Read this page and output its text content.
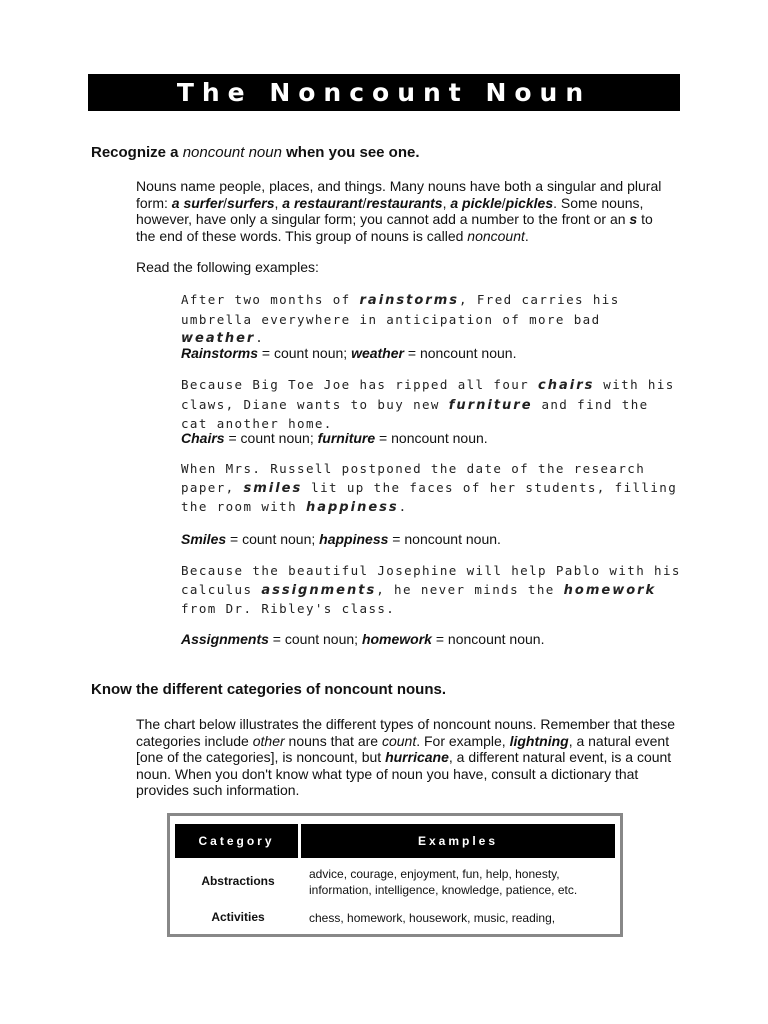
The Noncount Noun
Recognize a noncount noun when you see one.
Nouns name people, places, and things. Many nouns have both a singular and plural form: a surfer/surfers, a restaurant/restaurants, a pickle/pickles. Some nouns, however, have only a singular form; you cannot add a number to the front or an s to the end of these words. This group of nouns is called noncount.
Read the following examples:
After two months of rainstorms, Fred carries his umbrella everywhere in anticipation of more bad weather.
Rainstorms = count noun; weather = noncount noun.
Because Big Toe Joe has ripped all four chairs with his claws, Diane wants to buy new furniture and find the cat another home.
Chairs = count noun; furniture = noncount noun.
When Mrs. Russell postponed the date of the research paper, smiles lit up the faces of her students, filling the room with happiness.
Smiles = count noun; happiness = noncount noun.
Because the beautiful Josephine will help Pablo with his calculus assignments, he never minds the homework from Dr. Ribley's class.
Assignments = count noun; homework = noncount noun.
Know the different categories of noncount nouns.
The chart below illustrates the different types of noncount nouns. Remember that these categories include other nouns that are count. For example, lightning, a natural event [one of the categories], is noncount, but hurricane, a different natural event, is a count noun. When you don't know what type of noun you have, consult a dictionary that provides such information.
Category	Examples
Abstractions	advice, courage, enjoyment, fun, help, honesty, information, intelligence, knowledge, patience, etc.
Activities	chess, homework, housework, music, reading,
